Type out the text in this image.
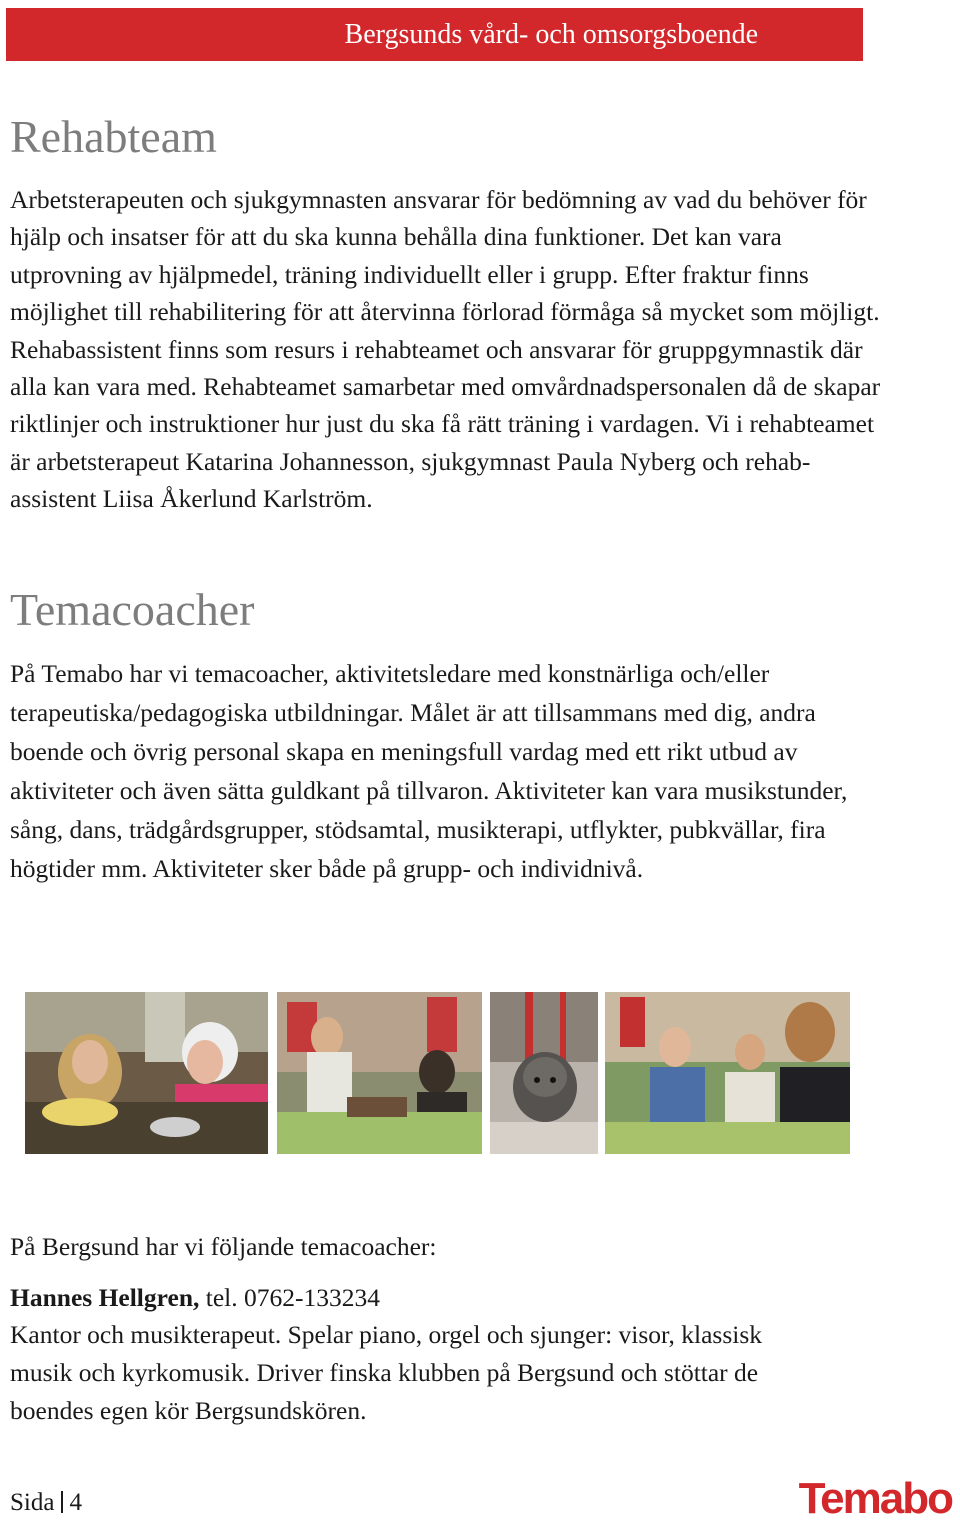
Bergsunds vård- och omsorgsboende
Rehabteam

Arbetsterapeuten och sjukgymnasten ansvarar för bedömning av vad du behöver för hjälp och insatser för att du ska kunna behålla dina funktioner. Det kan vara utprovning av hjälpmedel, träning individuellt eller i grupp. Efter fraktur finns möjlighet till rehabilitering för att återvinna förlorad förmåga så mycket som möjligt. Rehabassistent finns som resurs i rehabteamet och ansvarar för gruppgymnastik där alla kan vara med. Rehabteamet samarbetar med omvårdnadspersonalen då de skapar riktlinjer och instruktioner hur just du ska få rätt träning i vardagen. Vi i rehabteamet är arbetsterapeut Katarina Johannesson, sjukgymnast Paula Nyberg och rehab-assistent Liisa Åkerlund Karlström.

Temacoacher

På Temabo har vi temacoacher, aktivitetsledare med konstnärliga och/eller terapeutiska/pedagogiska utbildningar. Målet är att tillsammans med dig, andra boende och övrig personal skapa en meningsfull vardag med ett rikt utbud av aktiviteter och även sätta guldkant på tillvaron. Aktiviteter kan vara musikstunder, sång, dans, trädgårdsgrupper, stödsamtal, musikterapi, utflykter, pubkvällar, fira högtider mm. Aktiviteter sker både på grupp- och individnivå.

På Bergsund har vi följande temacoacher:

Hannes Hellgren, tel. 0762-133234

Kantor och musikterapeut. Spelar piano, orgel och sjunger: visor, klassisk

musik och kyrkomusik. Driver finska klubben på Bergsund och stöttar de

boendes egen kör Bergsundskören.

Sida 4	Temabo
